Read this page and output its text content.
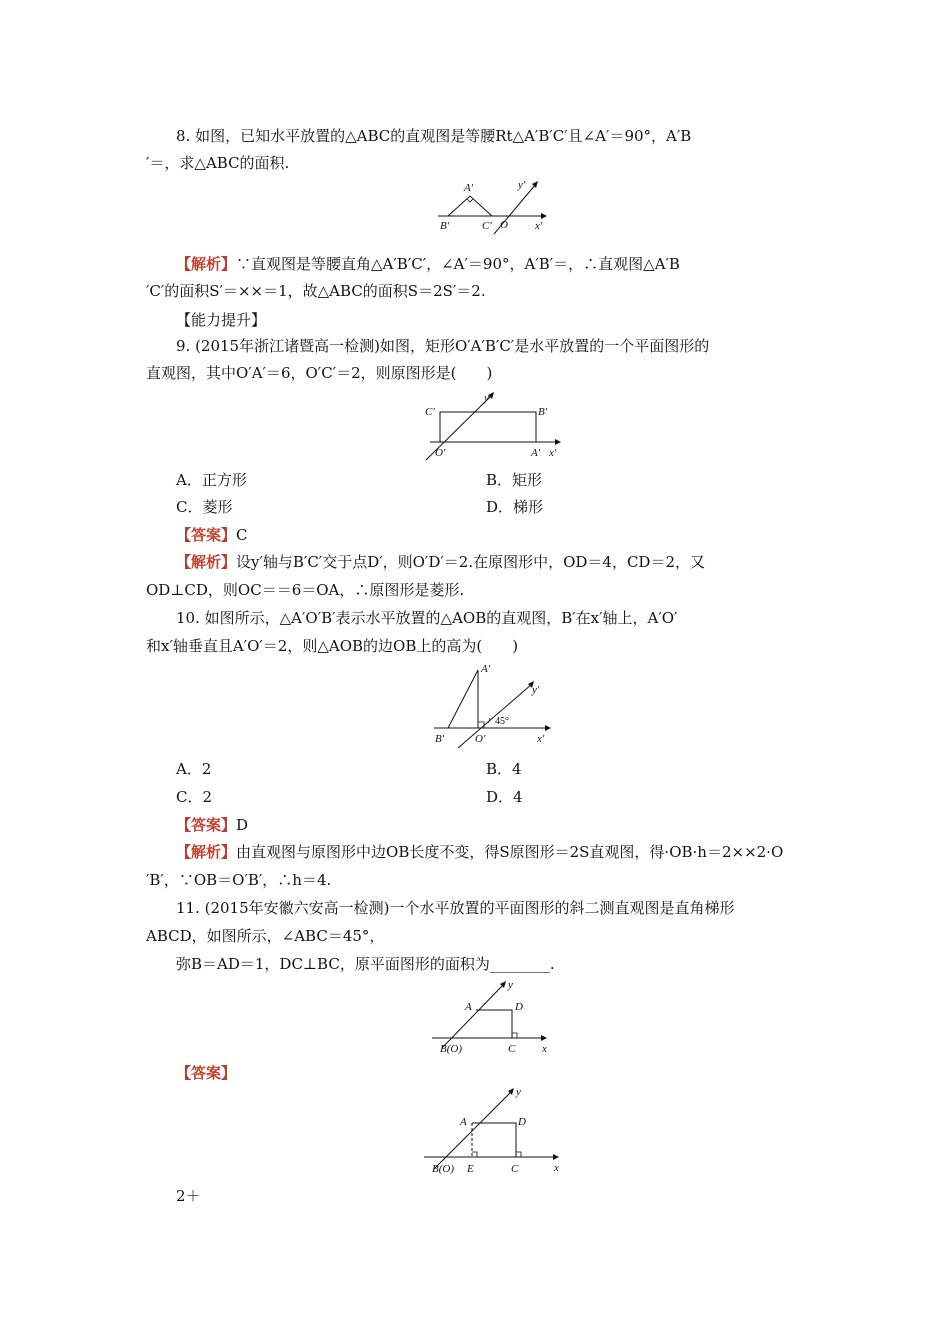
8. 如图，已知水平放置的△ABC的直观图是等腰Rt△A′B′C′且∠A′＝90°，A′B
′＝，求△ABC的面积.
A′
B′	C′ O x′
y′
【解析】∵直观图是等腰直角△A′B′C′，∠A′＝90°，A′B′＝，∴直观图△A′B
′C′的面积S′＝××＝1，故△ABC的面积S＝2S′＝2.
【能力提升】
9. (2015年浙江诸暨高一检测)如图，矩形O′A′B′C′是水平放置的一个平面图形的
直观图，其中O′A′＝6，O′C′＝2，则原图形是(　　)
C′	B′
O′	A′ x′
y′
A．正方形	B．矩形
C．菱形	D．梯形
【答案】C
【解析】设y′轴与B′C′交于点D′，则O′D′＝2.在原图形中，OD＝4，CD＝2，又
OD⊥CD，则OC＝＝6＝OA，∴原图形是菱形.
10. 如图所示，△A′O′B′表示水平放置的△AOB的直观图，B′在x′轴上，A′O′
和x′轴垂直且A′O′＝2，则△AOB的边OB上的高为(　　)
A′
B′	O′	x′
y′
45°
A．2	B．4
C．2	D．4
【答案】D
【解析】由直观图与原图形中边OB长度不变，得S原图形＝2S直观图，得·OB·h＝2××2·O
′B′，∵OB＝O′B′，∴h＝4.
11. (2015年安徽六安高一检测)一个水平放置的平面图形的斜二测直观图是直角梯形
ABCD，如图所示，∠ABC＝45°，
弥B＝AD＝1，DC⊥BC，原平面图形的面积为________.
A	D
B(O)	C x
y
【答案】
A	D
B(O) E	C	x
y
2＋
